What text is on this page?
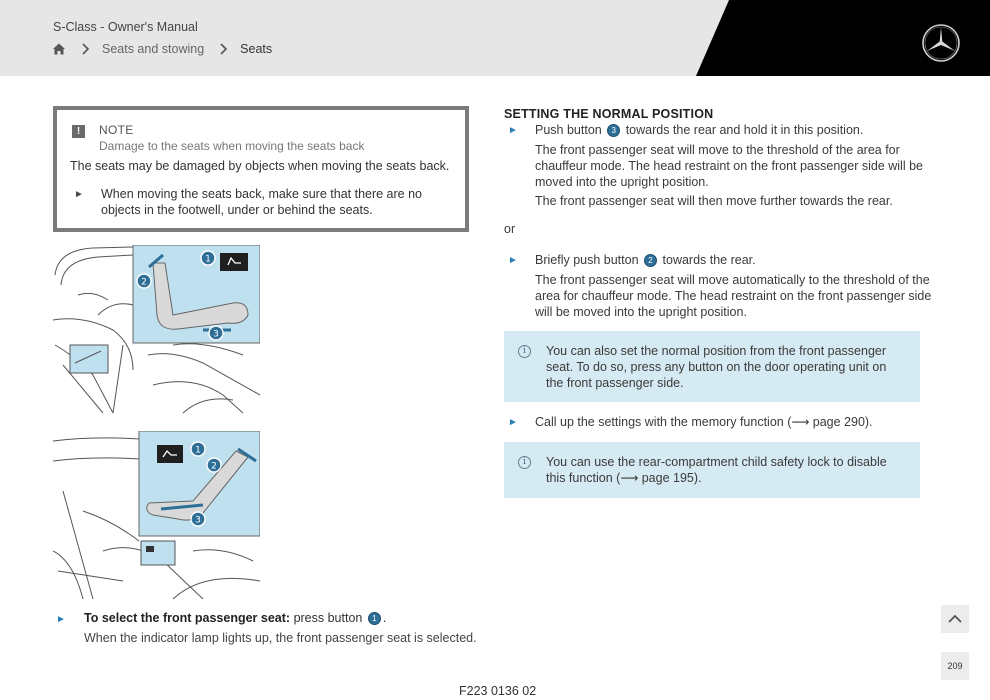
S-Class - Owner's Manual
Seats and stowing	Seats
!	NOTE
Damage to the seats when moving the seats back
The seats may be damaged by objects when moving the seats back.
► When moving the seats back, make sure that there are no
objects in the footwell, under or behind the seats.
1
2
3
1
2
3
► To select the front passenger seat: press button 1 .
When the indicator lamp lights up, the front passenger seat is selected.
SETTING THE NORMAL POSITION
► Push button 3 towards the rear and hold it in this position.
The front passenger seat will move to the threshold of the area for
chauffeur mode. The head restraint on the front passenger side will be
moved into the upright position.
The front passenger seat will then move further towards the rear.
or
► Briefly push button 2 towards the rear.
The front passenger seat will move automatically to the threshold of the
area for chauffeur mode. The head restraint on the front passenger side
will be moved into the upright position.
i	You can also set the normal position from the front passenger
seat. To do so, press any button on the door operating unit on
the front passenger side.
► Call up the settings with the memory function (⟶ page 290).
i	You can use the rear-compartment child safety lock to disable
this function (⟶ page 195).
F223 0136 02
209
